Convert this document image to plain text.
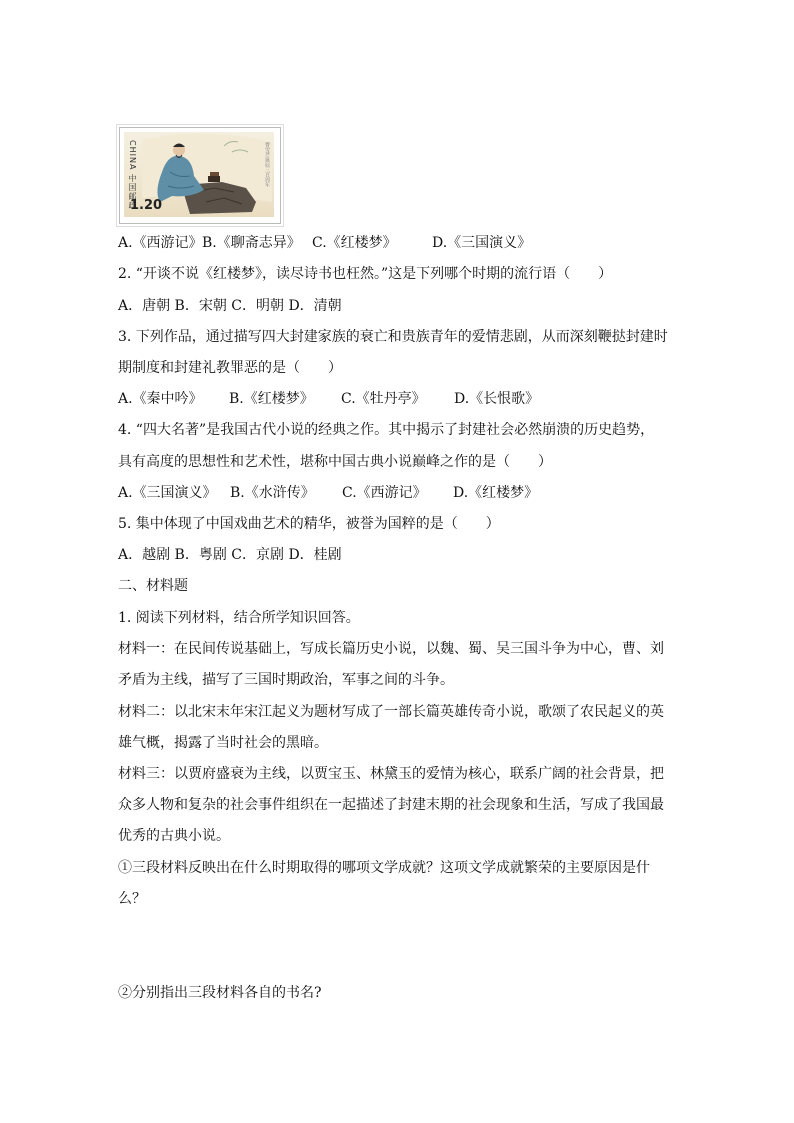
CHINA 中国邮政
1.20
曹雪芹诞辰三百周年
A.《西游记》B.《聊斋志异》 C.《红楼梦》	D.《三国演义》
2. “开谈不说《红楼梦》，读尽诗书也枉然。”这是下列哪个时期的流行语（　　）
A．唐朝 B．宋朝 C．明朝 D．清朝
3. 下列作品，通过描写四大封建家族的衰亡和贵族青年的爱情悲剧，从而深刻鞭挞封建时
期制度和封建礼教罪恶的是（　　）
A.《秦中吟》 B.《红楼梦》 C.《牡丹亭》 D.《长恨歌》
4. “四大名著”是我国古代小说的经典之作。其中揭示了封建社会必然崩溃的历史趋势，
具有高度的思想性和艺术性，堪称中国古典小说巅峰之作的是（　　）
A.《三国演义》 B.《水浒传》 C.《西游记》 D.《红楼梦》
5. 集中体现了中国戏曲艺术的精华，被誉为国粹的是（　　）
A．越剧 B．粤剧 C．京剧 D．桂剧
二、材料题
1. 阅读下列材料，结合所学知识回答。
材料一：在民间传说基础上，写成长篇历史小说，以魏、蜀、吴三国斗争为中心，曹、刘
矛盾为主线，描写了三国时期政治，军事之间的斗争。
材料二：以北宋末年宋江起义为题材写成了一部长篇英雄传奇小说，歌颂了农民起义的英
雄气概，揭露了当时社会的黑暗。
材料三：以贾府盛衰为主线，以贾宝玉、林黛玉的爱情为核心，联系广阔的社会背景，把
众多人物和复杂的社会事件组织在一起描述了封建末期的社会现象和生活，写成了我国最
优秀的古典小说。
①三段材料反映出在什么时期取得的哪项文学成就？这项文学成就繁荣的主要原因是什
么？
②分别指出三段材料各自的书名?
